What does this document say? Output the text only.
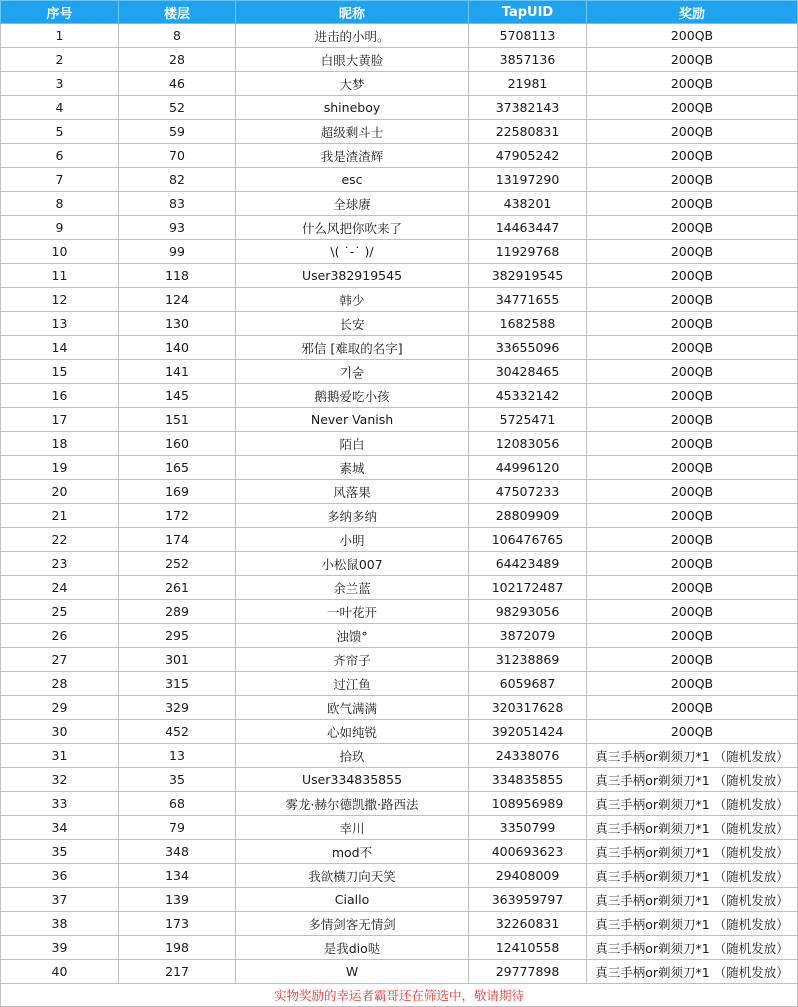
序号	楼层	昵称	TapUID	奖励
1	8	进击的小明。	5708113	200QB
2	28	白眼大黄脸	3857136	200QB
3	46	大梦	21981	200QB
4	52	shineboy	37382143	200QB
5	59	超级剩斗士	22580831	200QB
6	70	我是渣渣辉	47905242	200QB
7	82	esc	13197290	200QB
8	83	全球赓	438201	200QB
9	93	什么风把你吹来了	14463447	200QB
10	99	\( ˙-˙ )/	11929768	200QB
11	118	User382919545	382919545	200QB
12	124	韩少	34771655	200QB
13	130	长安	1682588	200QB
14	140	邪信 [难取的名字]	33655096	200QB
15	141	기술	30428465	200QB
16	145	鹅鹅爱吃小孩	45332142	200QB
17	151	Never Vanish	5725471	200QB
18	160	陌白	12083056	200QB
19	165	素城	44996120	200QB
20	169	风落果	47507233	200QB
21	172	多纳多纳	28809909	200QB
22	174	小明	106476765	200QB
23	252	小松鼠007	64423489	200QB
24	261	余兰蓝	102172487	200QB
25	289	一叶花开	98293056	200QB
26	295	浊馈°	3872079	200QB
27	301	齐帘子	31238869	200QB
28	315	过江鱼	6059687	200QB
29	329	欧气满满	320317628	200QB
30	452	心如纯锐	392051424	200QB
31	13	拾玖	24338076	真三手柄or剃须刀*1 （随机发放）
32	35	User334835855	334835855	真三手柄or剃须刀*1 （随机发放）
33	68	雾龙·赫尔德凯撒·路西法	108956989	真三手柄or剃须刀*1 （随机发放）
34	79	幸川	3350799	真三手柄or剃须刀*1 （随机发放）
35	348	mod不	400693623	真三手柄or剃须刀*1 （随机发放）
36	134	我欲横刀向天笑	29408009	真三手柄or剃须刀*1 （随机发放）
37	139	Ciallo	363959797	真三手柄or剃须刀*1 （随机发放）
38	173	多情剑客无情剑	32260831	真三手柄or剃须刀*1 （随机发放）
39	198	是我dio哒	12410558	真三手柄or剃须刀*1 （随机发放）
40	217	W	29777898	真三手柄or剃须刀*1 （随机发放）
实物奖励的幸运者霸哥还在筛选中，敬请期待				
